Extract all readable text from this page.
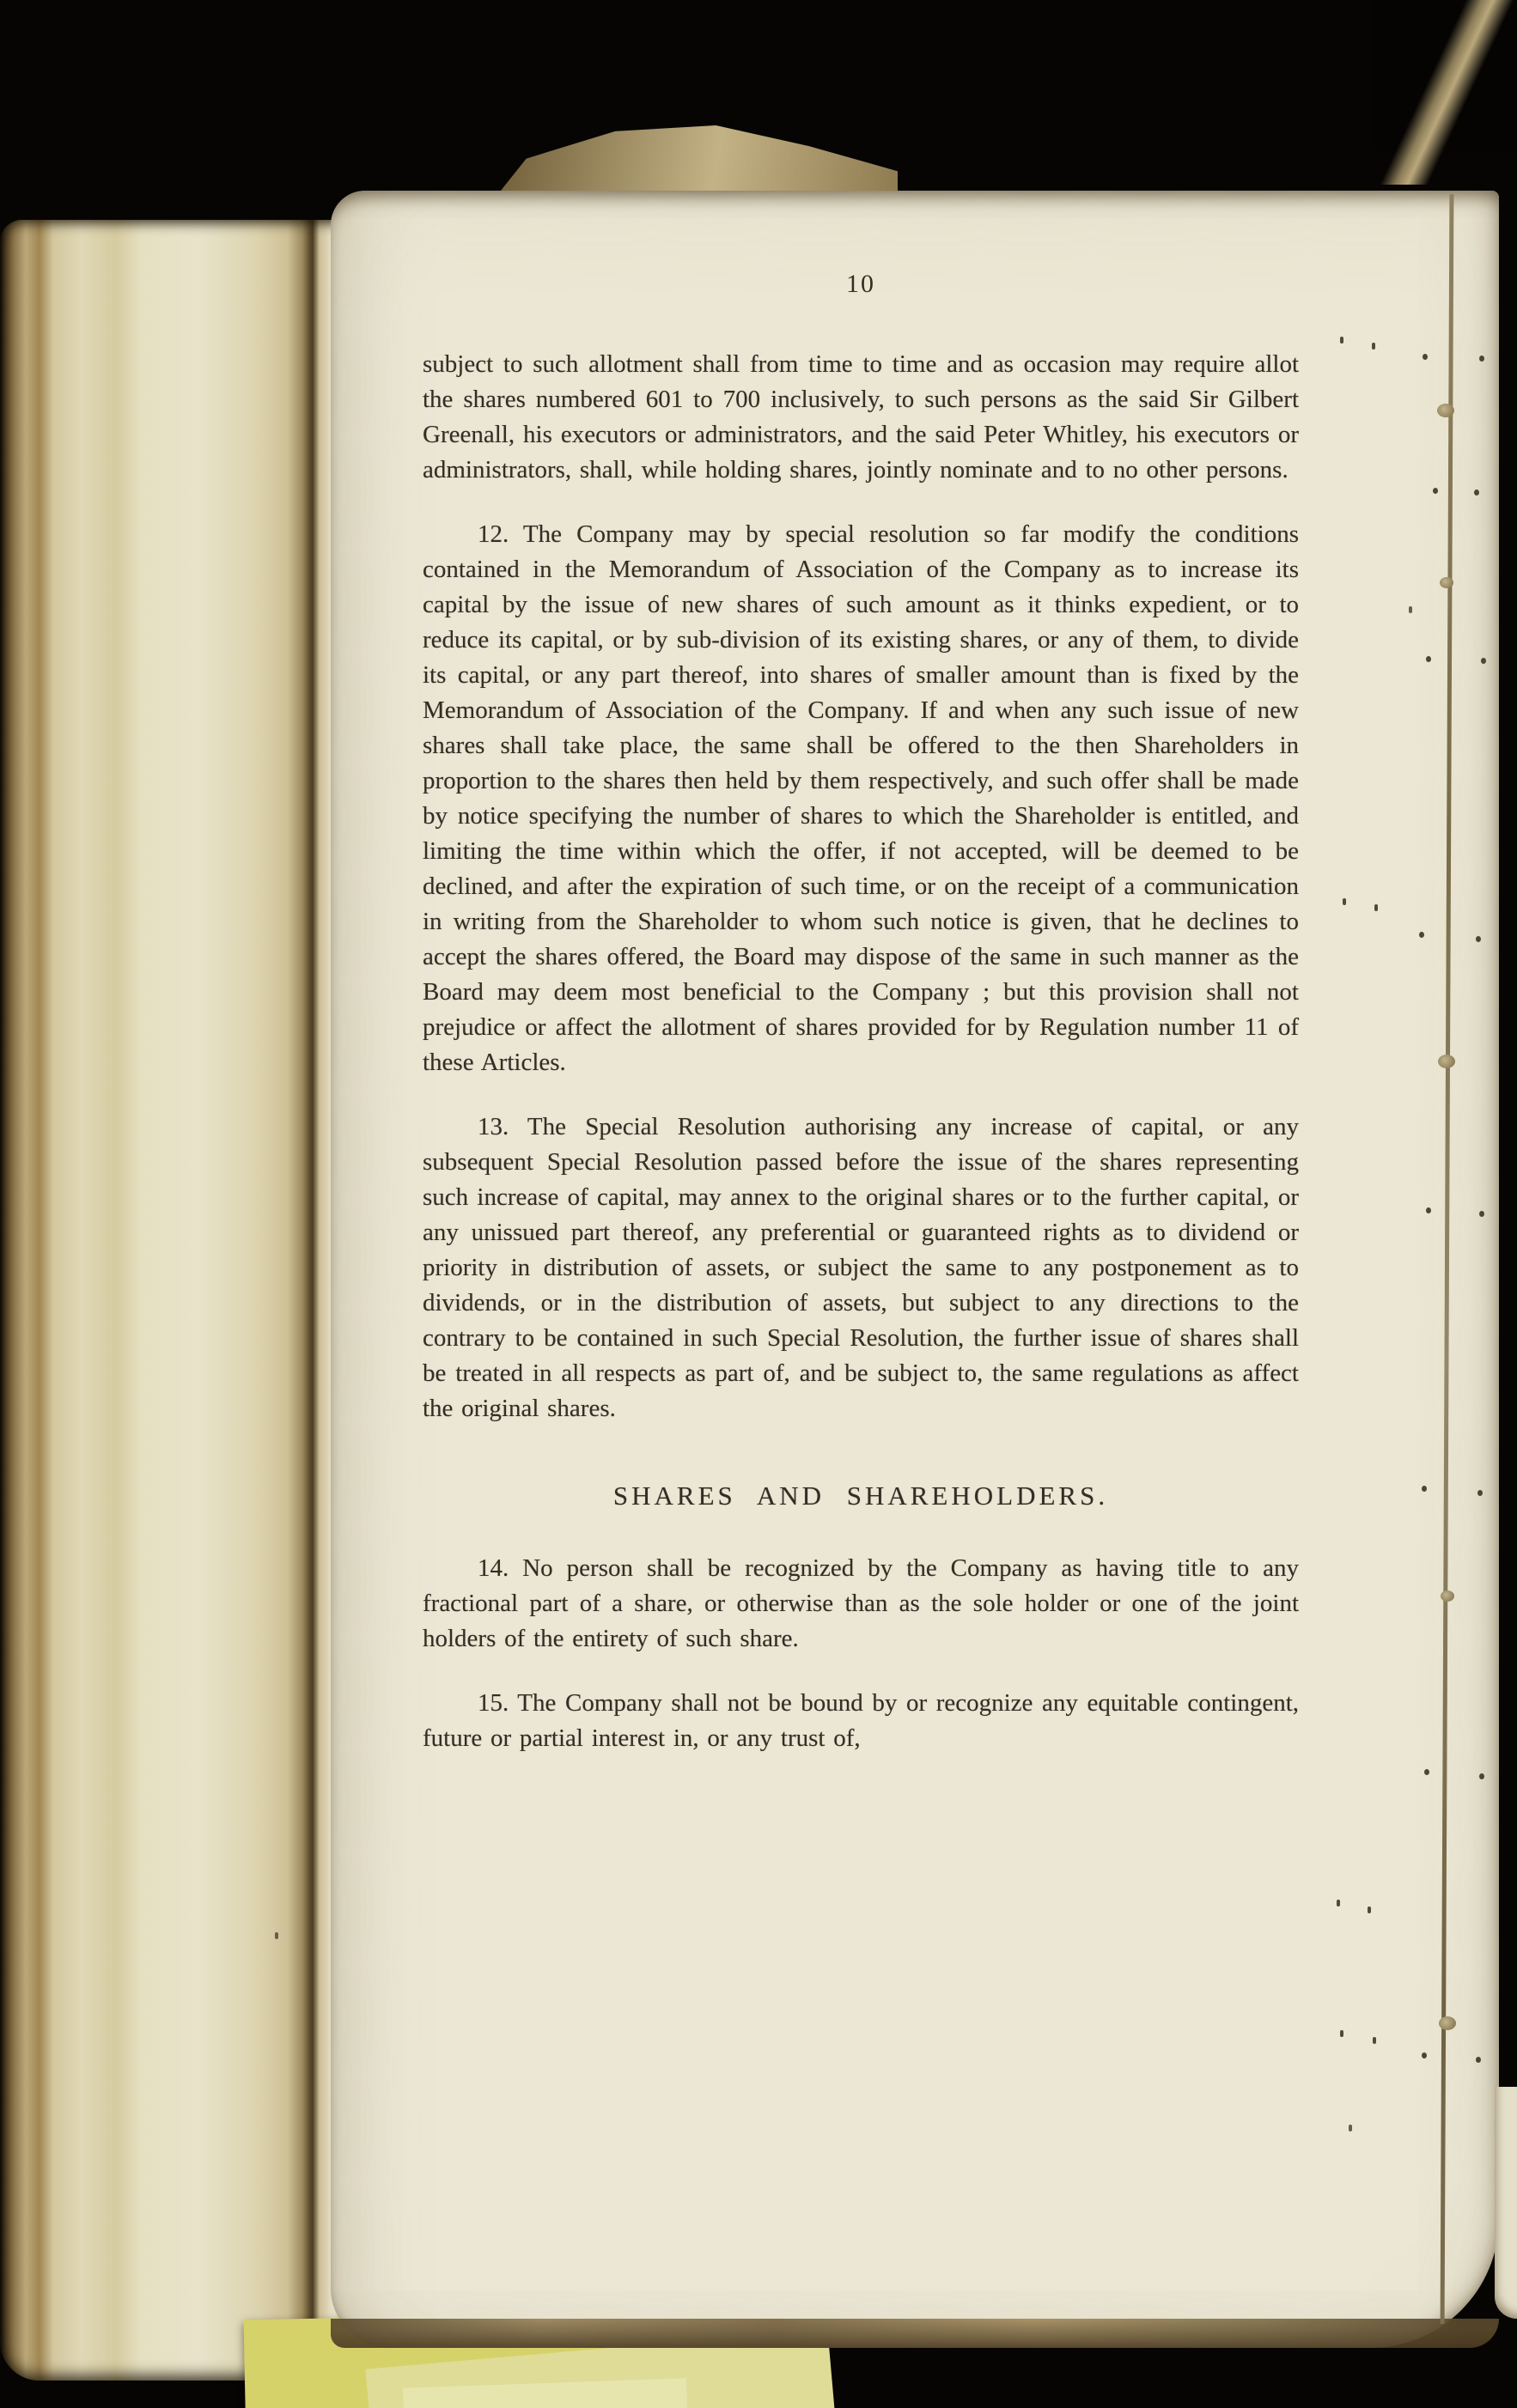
10
subject to such allotment shall from time to time and as occasion may require allot the shares numbered 601 to 700 inclusively, to such persons as the said Sir Gilbert Greenall, his executors or administrators, and the said Peter Whitley, his executors or administrators, shall, while holding shares, jointly nominate and to no other persons.
12. The Company may by special resolution so far modify the conditions contained in the Memorandum of Association of the Company as to increase its capital by the issue of new shares of such amount as it thinks expedient, or to reduce its capital, or by sub-division of its existing shares, or any of them, to divide its capital, or any part thereof, into shares of smaller amount than is fixed by the Memorandum of Association of the Company. If and when any such issue of new shares shall take place, the same shall be offered to the then Shareholders in proportion to the shares then held by them respectively, and such offer shall be made by notice specifying the number of shares to which the Shareholder is entitled, and limiting the time within which the offer, if not accepted, will be deemed to be declined, and after the expiration of such time, or on the receipt of a communication in writing from the Shareholder to whom such notice is given, that he declines to accept the shares offered, the Board may dispose of the same in such manner as the Board may deem most beneficial to the Company ; but this provision shall not prejudice or affect the allotment of shares provided for by Regulation number 11 of these Articles.
13. The Special Resolution authorising any increase of capital, or any subsequent Special Resolution passed before the issue of the shares representing such increase of capital, may annex to the original shares or to the further capital, or any unissued part thereof, any preferential or guaranteed rights as to dividend or priority in distribution of assets, or subject the same to any postponement as to dividends, or in the distribution of assets, but subject to any directions to the contrary to be contained in such Special Resolution, the further issue of shares shall be treated in all respects as part of, and be subject to, the same regulations as affect the original shares.
SHARES AND SHAREHOLDERS.
14. No person shall be recognized by the Company as having title to any fractional part of a share, or otherwise than as the sole holder or one of the joint holders of the entirety of such share.
15. The Company shall not be bound by or recognize any equitable contingent, future or partial interest in, or any trust of,
